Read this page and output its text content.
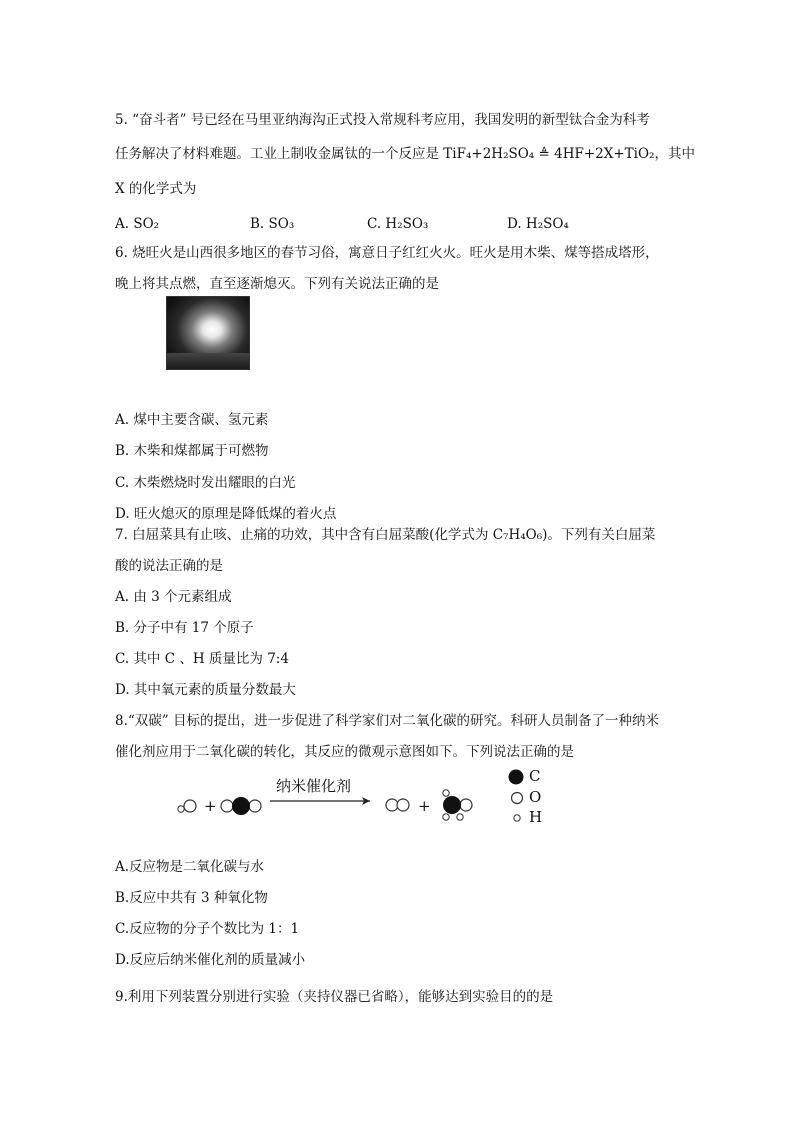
5. “奋斗者” 号已经在马里亚纳海沟正式投入常规科考应用，我国发明的新型钛合金为科考
任务解决了材料难题。工业上制收金属钛的一个反应是 TiF₄+2H₂SO₄ ≜ 4HF+2X+TiO₂，其中
X 的化学式为
A. SO₂	B. SO₃	C. H₂SO₃	D. H₂SO₄
6. 烧旺火是山西很多地区的春节习俗，寓意日子红红火火。旺火是用木柴、煤等搭成塔形，
晚上将其点燃，直至逐渐熄灭。下列有关说法正确的是
A. 煤中主要含碳、氢元素
B. 木柴和煤都属于可燃物
C. 木柴燃烧时发出耀眼的白光
D. 旺火熄灭的原理是降低煤的着火点
7. 白屈菜具有止咳、止痛的功效，其中含有白屈菜酸(化学式为 C₇H₄O₆)。下列有关白屈菜
酸的说法正确的是
A. 由 3 个元素组成
B. 分子中有 17 个原子
C. 其中 C 、H 质量比为 7:4
D. 其中氧元素的质量分数最大
8.“双碳” 目标的提出，进一步促进了科学家们对二氧化碳的研究。科研人员制备了一种纳米
催化剂应用于二氧化碳的转化，其反应的微观示意图如下。下列说法正确的是
+
纳米催化剂
+
C
O
H
A.反应物是二氧化碳与水
B.反应中共有 3 种氧化物
C.反应物的分子个数比为 1：1
D.反应后纳米催化剂的质量减小
9.利用下列装置分别进行实验（夹持仪器已省略），能够达到实验目的的是
